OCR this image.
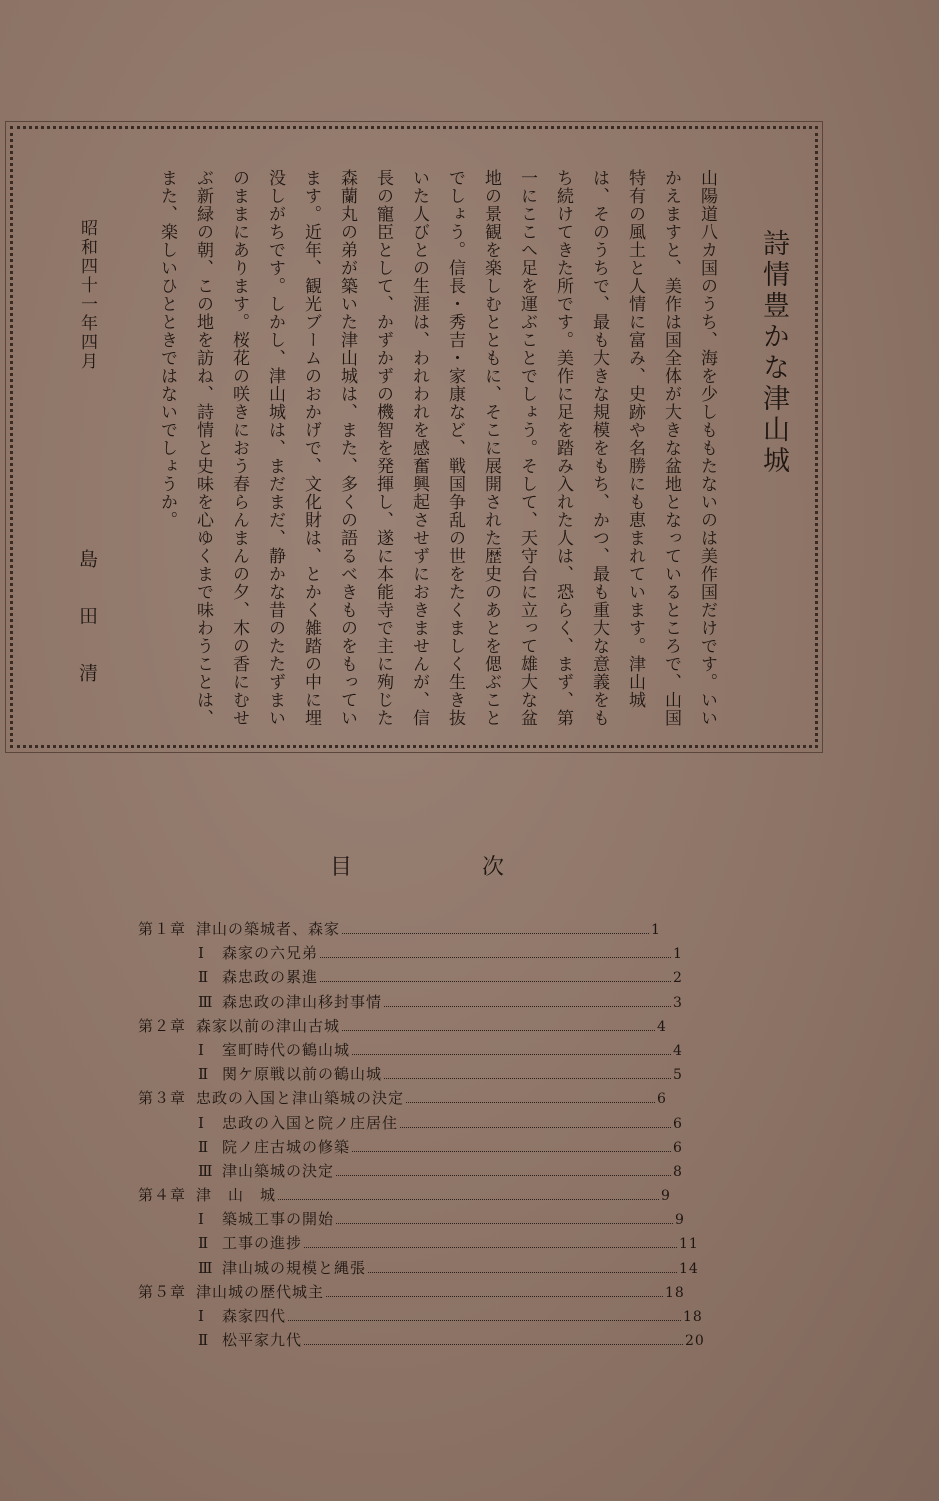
詩情豊かな津山城
山陽道八カ国のうち、海を少しももたないのは美作国だけです。いいかえますと、美作は国全体が大きな盆地となっているところで、山国特有の風土と人情に富み、史跡や名勝にも恵まれています。津山城は、そのうちで、最も大きな規模をもち、かつ、最も重大な意義をもち続けてきた所です。美作に足を踏み入れた人は、恐らく、まず、第一にここへ足を運ぶことでしょう。そして、天守台に立って雄大な盆地の景観を楽しむとともに、そこに展開された歴史のあとを偲ぶことでしょう。信長・秀吉・家康など、戦国争乱の世をたくましく生き抜いた人びとの生涯は、われわれを感奮興起させずにおきませんが、信長の寵臣として、かずかずの機智を発揮し、遂に本能寺で主に殉じた森蘭丸の弟が築いた津山城は、また、多くの語るべきものをもっています。近年、観光ブームのおかげで、文化財は、とかく雑踏の中に埋没しがちです。しかし、津山城は、まだまだ、静かな昔のたたずまいのままにあります。桜花の咲きにおう春らんまんの夕、木の香にむせぶ新緑の朝、この地を訪ね、詩情と史味を心ゆくまで味わうことは、また、楽しいひとときではないでしょうか。
昭和四十一年四月
島田清
目次
第１章 津山の築城者、森家	1
Ⅰ 森家の六兄弟	1
Ⅱ 森忠政の累進	2
Ⅲ 森忠政の津山移封事情	3
第２章 森家以前の津山古城	4
Ⅰ 室町時代の鶴山城	4
Ⅱ 関ケ原戦以前の鶴山城	5
第３章 忠政の入国と津山築城の決定	6
Ⅰ 忠政の入国と院ノ庄居住	6
Ⅱ 院ノ庄古城の修築	6
Ⅲ 津山築城の決定	8
第４章 津　山　城	9
Ⅰ 築城工事の開始	9
Ⅱ 工事の進捗	11
Ⅲ 津山城の規模と縄張	14
第５章 津山城の歴代城主	18
Ⅰ 森家四代	18
Ⅱ 松平家九代	20
